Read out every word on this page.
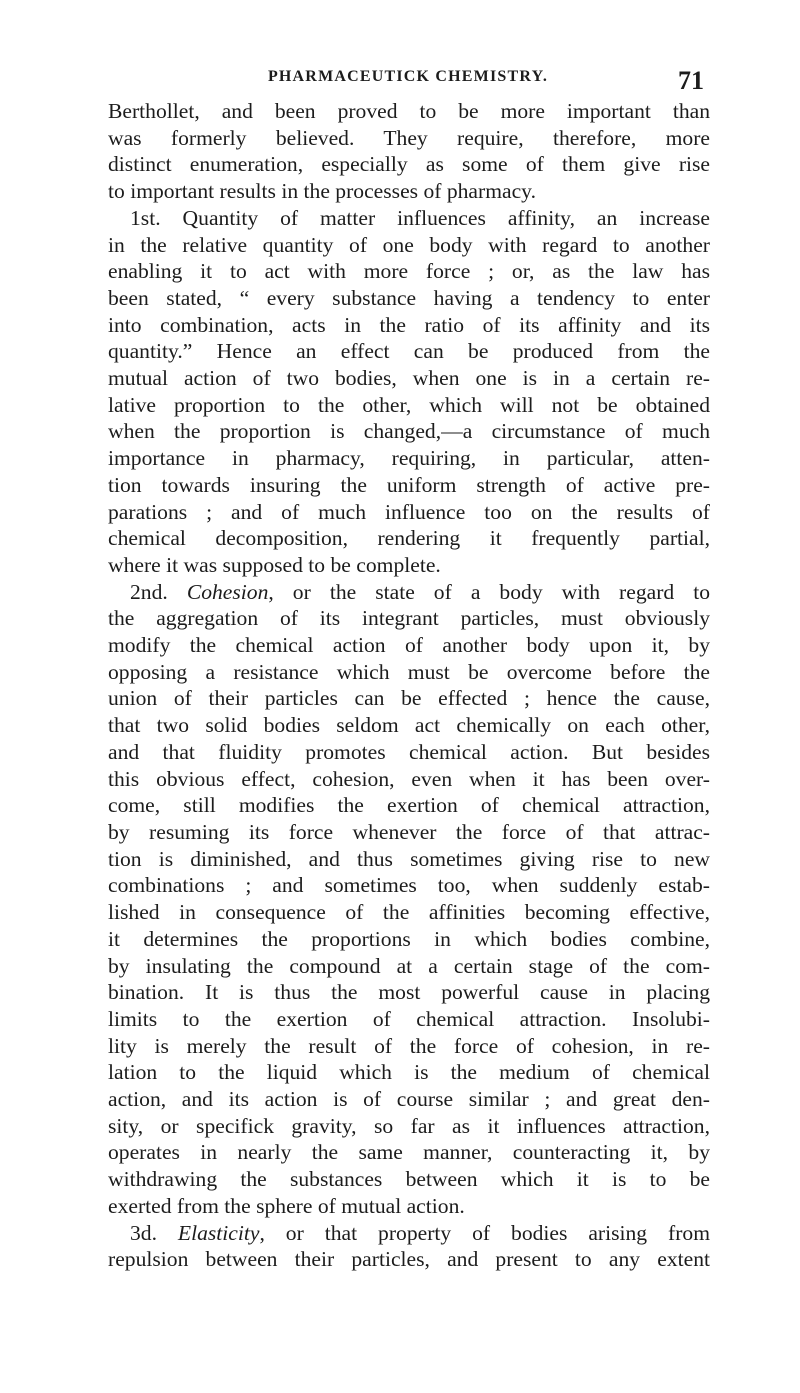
PHARMACEUTICK CHEMISTRY.	71

Berthollet, and been proved to be more important than
was formerly believed. They require, therefore, more
distinct enumeration, especially as some of them give rise
to important results in the processes of pharmacy.

1st. Quantity of matter influences affinity, an increase
in the relative quantity of one body with regard to another
enabling it to act with more force ; or, as the law has
been stated, “ every substance having a tendency to enter
into combination, acts in the ratio of its affinity and its
quantity.” Hence an effect can be produced from the
mutual action of two bodies, when one is in a certain re-
lative proportion to the other, which will not be obtained
when the proportion is changed,—a circumstance of much
importance in pharmacy, requiring, in particular, atten-
tion towards insuring the uniform strength of active pre-
parations ; and of much influence too on the results of
chemical decomposition, rendering it frequently partial,
where it was supposed to be complete.

2nd. Cohesion, or the state of a body with regard to
the aggregation of its integrant particles, must obviously
modify the chemical action of another body upon it, by
opposing a resistance which must be overcome before the
union of their particles can be effected ; hence the cause,
that two solid bodies seldom act chemically on each other,
and that fluidity promotes chemical action. But besides
this obvious effect, cohesion, even when it has been over-
come, still modifies the exertion of chemical attraction,
by resuming its force whenever the force of that attrac-
tion is diminished, and thus sometimes giving rise to new
combinations ; and sometimes too, when suddenly estab-
lished in consequence of the affinities becoming effective,
it determines the proportions in which bodies combine,
by insulating the compound at a certain stage of the com-
bination. It is thus the most powerful cause in placing
limits to the exertion of chemical attraction. Insolubi-
lity is merely the result of the force of cohesion, in re-
lation to the liquid which is the medium of chemical
action, and its action is of course similar ; and great den-
sity, or specifick gravity, so far as it influences attraction,
operates in nearly the same manner, counteracting it, by
withdrawing the substances between which it is to be
exerted from the sphere of mutual action.

3d. Elasticity, or that property of bodies arising from
repulsion between their particles, and present to any extent
